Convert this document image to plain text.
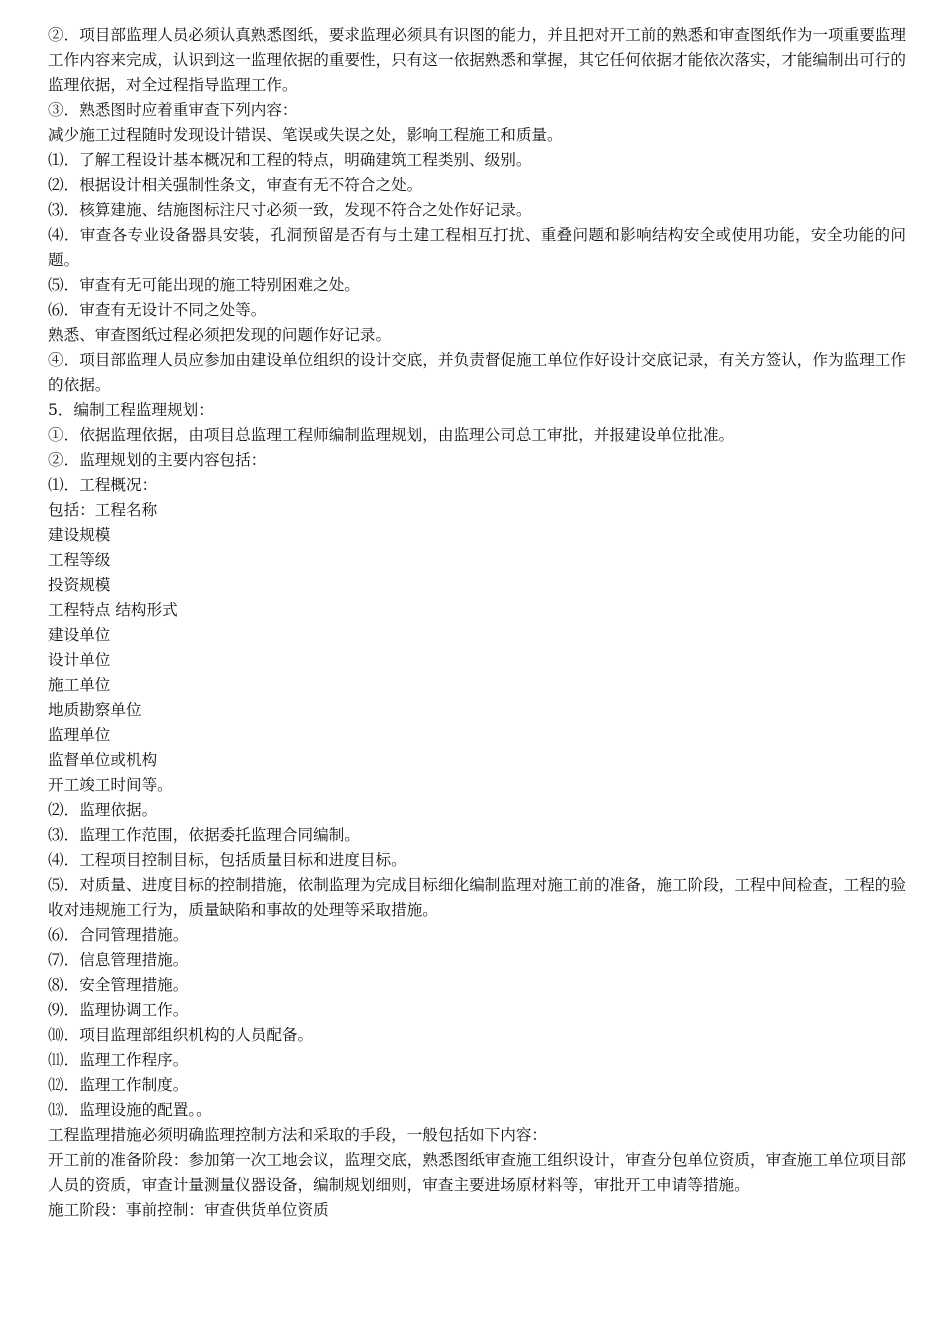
②．项目部监理人员必须认真熟悉图纸，要求监理必须具有识图的能力，并且把对开工前的熟悉和审查图纸作为一项重要监理工作内容来完成，认识到这一监理依据的重要性，只有这一依据熟悉和掌握，其它任何依据才能依次落实，才能编制出可行的监理依据，对全过程指导监理工作。

③．熟悉图时应着重审查下列内容：

减少施工过程随时发现设计错误、笔误或失误之处，影响工程施工和质量。

⑴．了解工程设计基本概况和工程的特点，明确建筑工程类别、级别。

⑵．根据设计相关强制性条文，审查有无不符合之处。

⑶．核算建施、结施图标注尺寸必须一致，发现不符合之处作好记录。

⑷．审查各专业设备器具安装，孔洞预留是否有与土建工程相互打扰、重叠问题和影响结构安全或使用功能，安全功能的问题。

⑸．审查有无可能出现的施工特别困难之处。

⑹．审查有无设计不同之处等。

熟悉、审查图纸过程必须把发现的问题作好记录。

④．项目部监理人员应参加由建设单位组织的设计交底，并负责督促施工单位作好设计交底记录，有关方签认，作为监理工作的依据。

5．编制工程监理规划：

①．依据监理依据，由项目总监理工程师编制监理规划，由监理公司总工审批，并报建设单位批准。

②．监理规划的主要内容包括：

⑴．工程概况：

包括：工程名称

建设规模

工程等级

投资规模

工程特点 结构形式

建设单位

设计单位

施工单位

地质勘察单位

监理单位

监督单位或机构

开工竣工时间等。

⑵．监理依据。

⑶．监理工作范围，依据委托监理合同编制。

⑷．工程项目控制目标，包括质量目标和进度目标。

⑸．对质量、进度目标的控制措施，依制监理为完成目标细化编制监理对施工前的准备，施工阶段，工程中间检查，工程的验收对违规施工行为，质量缺陷和事故的处理等采取措施。

⑹．合同管理措施。

⑺．信息管理措施。

⑻．安全管理措施。

⑼．监理协调工作。

⑽．项目监理部组织机构的人员配备。

⑾．监理工作程序。

⑿．监理工作制度。

⒀．监理设施的配置。。

工程监理措施必须明确监理控制方法和采取的手段，一般包括如下内容：

开工前的准备阶段：参加第一次工地会议，监理交底，熟悉图纸审查施工组织设计，审查分包单位资质，审查施工单位项目部人员的资质，审查计量测量仪器设备，编制规划细则，审查主要进场原材料等，审批开工申请等措施。

施工阶段：事前控制：审查供货单位资质
